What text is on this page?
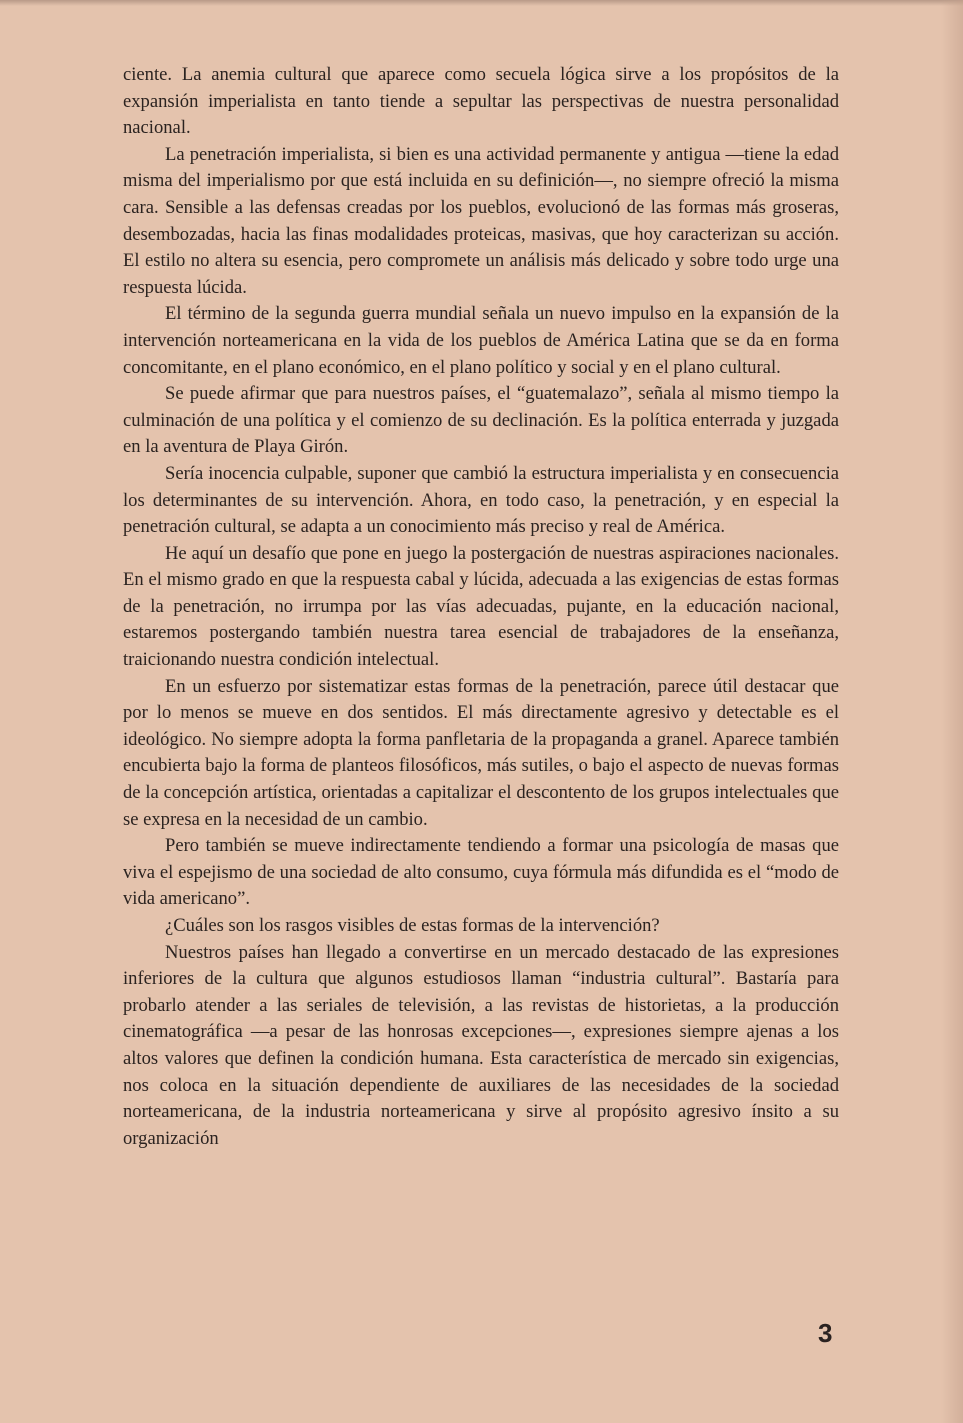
ciente. La anemia cultural que aparece como secuela lógica sirve a los propósitos de la expansión imperialista en tanto tiende a sepultar las perspectivas de nuestra personalidad nacional.

La penetración imperialista, si bien es una actividad permanente y antigua —tiene la edad misma del imperialismo por que está incluida en su definición—, no siempre ofreció la misma cara. Sensible a las defensas creadas por los pueblos, evolucionó de las formas más groseras, desembozadas, hacia las finas modalidades proteicas, masivas, que hoy caracterizan su acción. El estilo no altera su esencia, pero compromete un análisis más delicado y sobre todo urge una respuesta lúcida.

El término de la segunda guerra mundial señala un nuevo impulso en la expansión de la intervención norteamericana en la vida de los pueblos de América Latina que se da en forma concomitante, en el plano económico, en el plano político y social y en el plano cultural.

Se puede afirmar que para nuestros países, el “guatemalazo”, señala al mismo tiempo la culminación de una política y el comienzo de su declinación. Es la política enterrada y juzgada en la aventura de Playa Girón.

Sería inocencia culpable, suponer que cambió la estructura imperialista y en consecuencia los determinantes de su intervención. Ahora, en todo caso, la penetración, y en especial la penetración cultural, se adapta a un conocimiento más preciso y real de América.

He aquí un desafío que pone en juego la postergación de nuestras aspiraciones nacionales. En el mismo grado en que la respuesta cabal y lúcida, adecuada a las exigencias de estas formas de la penetración, no irrumpa por las vías adecuadas, pujante, en la educación nacional, estaremos postergando también nuestra tarea esencial de trabajadores de la enseñanza, traicionando nuestra condición intelectual.

En un esfuerzo por sistematizar estas formas de la penetración, parece útil destacar que por lo menos se mueve en dos sentidos. El más directamente agresivo y detectable es el ideológico. No siempre adopta la forma panfletaria de la propaganda a granel. Aparece también encubierta bajo la forma de planteos filosóficos, más sutiles, o bajo el aspecto de nuevas formas de la concepción artística, orientadas a capitalizar el descontento de los grupos intelectuales que se expresa en la necesidad de un cambio.

Pero también se mueve indirectamente tendiendo a formar una psicología de masas que viva el espejismo de una sociedad de alto consumo, cuya fórmula más difundida es el “modo de vida americano”.

¿Cuáles son los rasgos visibles de estas formas de la intervención?

Nuestros países han llegado a convertirse en un mercado destacado de las expresiones inferiores de la cultura que algunos estudiosos llaman “industria cultural”. Bastaría para probarlo atender a las seriales de televisión, a las revistas de historietas, a la producción cinematográfica —a pesar de las honrosas excepciones—, expresiones siempre ajenas a los altos valores que definen la condición humana. Esta característica de mercado sin exigencias, nos coloca en la situación dependiente de auxiliares de las necesidades de la sociedad norteamericana, de la industria norteamericana y sirve al propósito agresivo ínsito a su organización

3
